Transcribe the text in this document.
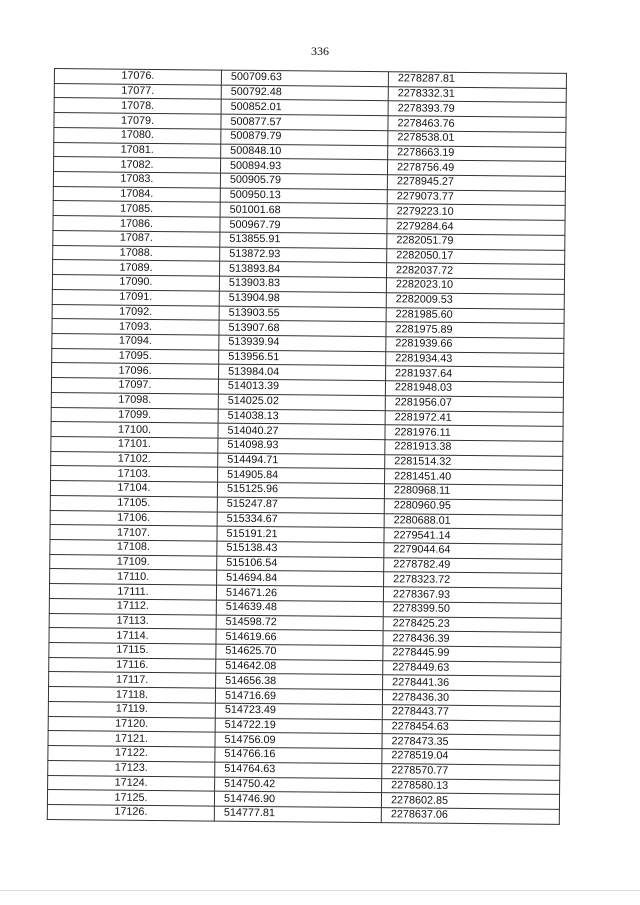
336
17076.	500709.63	2278287.81
17077.	500792.48	2278332.31
17078.	500852.01	2278393.79
17079.	500877.57	2278463.76
17080.	500879.79	2278538.01
17081.	500848.10	2278663.19
17082.	500894.93	2278756.49
17083.	500905.79	2278945.27
17084.	500950.13	2279073.77
17085.	501001.68	2279223.10
17086.	500967.79	2279284.64
17087.	513855.91	2282051.79
17088.	513872.93	2282050.17
17089.	513893.84	2282037.72
17090.	513903.83	2282023.10
17091.	513904.98	2282009.53
17092.	513903.55	2281985.60
17093.	513907.68	2281975.89
17094.	513939.94	2281939.66
17095.	513956.51	2281934.43
17096.	513984.04	2281937.64
17097.	514013.39	2281948.03
17098.	514025.02	2281956.07
17099.	514038.13	2281972.41
17100.	514040.27	2281976.11
17101.	514098.93	2281913.38
17102.	514494.71	2281514.32
17103.	514905.84	2281451.40
17104.	515125.96	2280968.11
17105.	515247.87	2280960.95
17106.	515334.67	2280688.01
17107.	515191.21	2279541.14
17108.	515138.43	2279044.64
17109.	515106.54	2278782.49
17110.	514694.84	2278323.72
17111.	514671.26	2278367.93
17112.	514639.48	2278399.50
17113.	514598.72	2278425.23
17114.	514619.66	2278436.39
17115.	514625.70	2278445.99
17116.	514642.08	2278449.63
17117.	514656.38	2278441.36
17118.	514716.69	2278436.30
17119.	514723.49	2278443.77
17120.	514722.19	2278454.63
17121.	514756.09	2278473.35
17122.	514766.16	2278519.04
17123.	514764.63	2278570.77
17124.	514750.42	2278580.13
17125.	514746.90	2278602.85
17126.	514777.81	2278637.06
